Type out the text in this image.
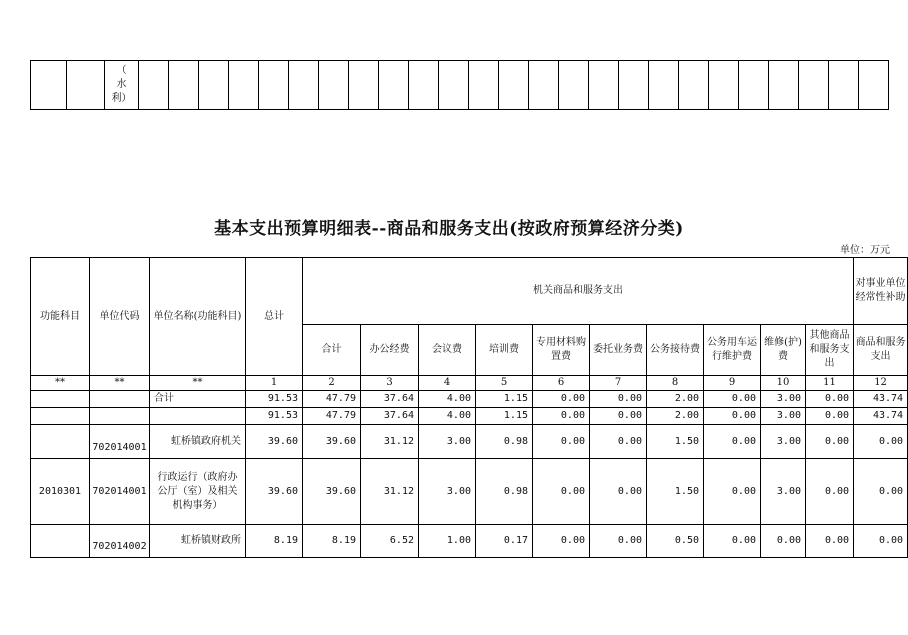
（
水
利）

基本支出预算明细表--商品和服务支出(按政府预算经济分类)
单位：万元
功能科目	单位代码	单位名称(功能科目)	总计	机关商品和服务支出										对事业单位经常性补助
				合计	办公经费	会议费	培训费	专用材料购置费	委托业务费	公务接待费	公务用车运行维护费	维修(护)费	其他商品和服务支出	商品和服务支出
**	**	**	1	2	3	4	5	6	7	8	9	10	11	12
		合计	91.53	47.79	37.64	4.00	1.15	0.00	0.00	2.00	0.00	3.00	0.00	43.74
			91.53	47.79	37.64	4.00	1.15	0.00	0.00	2.00	0.00	3.00	0.00	43.74
	702014001	虹桥镇政府机关	39.60	39.60	31.12	3.00	0.98	0.00	0.00	1.50	0.00	3.00	0.00	0.00
2010301	702014001	行政运行（政府办公厅（室）及相关机构事务）	39.60	39.60	31.12	3.00	0.98	0.00	0.00	1.50	0.00	3.00	0.00	0.00
	702014002	虹桥镇财政所	8.19	8.19	6.52	1.00	0.17	0.00	0.00	0.50	0.00	0.00	0.00	0.00
